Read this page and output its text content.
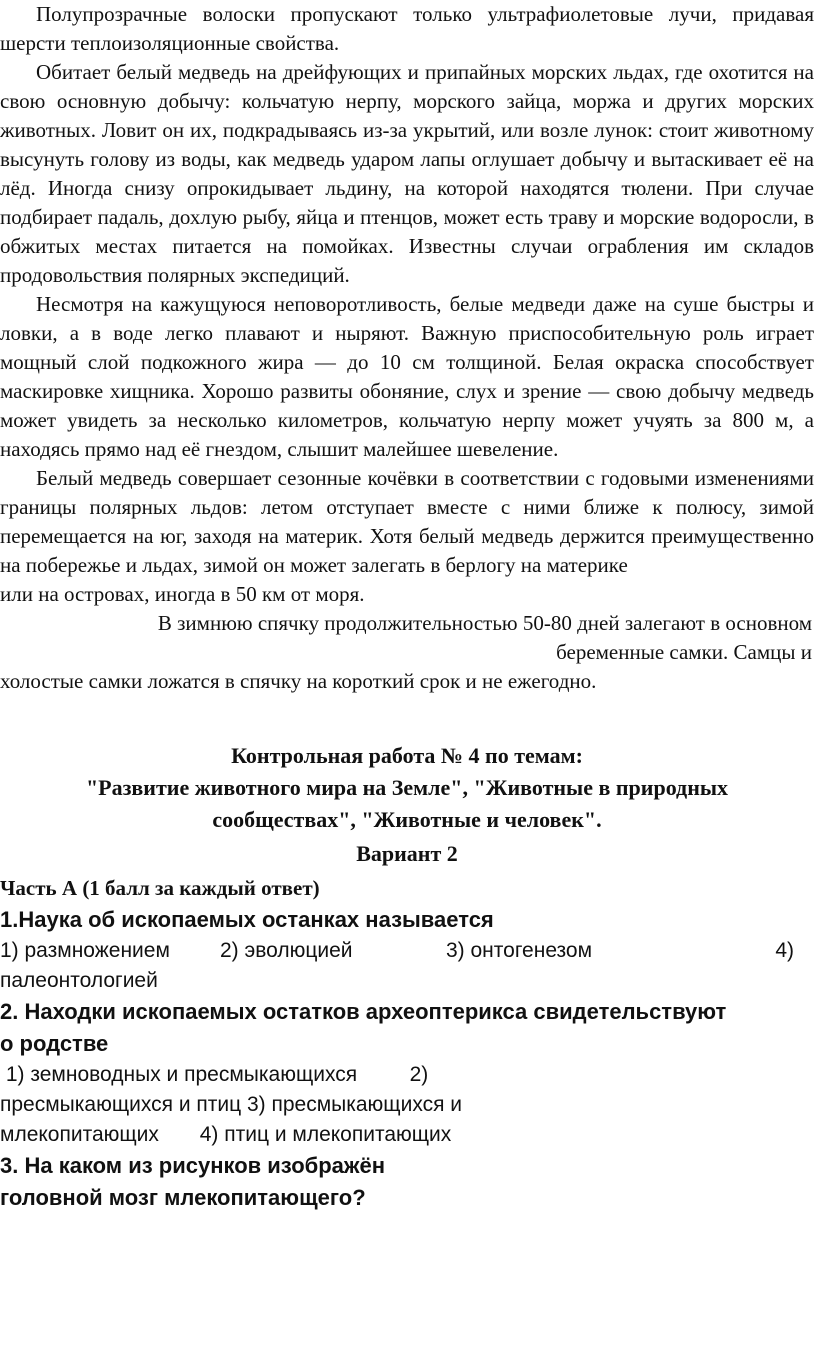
Полупрозрачные волоски пропускают только ультрафиолетовые лучи, придавая шерсти теплоизоляционные свойства.

Обитает белый медведь на дрейфующих и припайных морских льдах, где охотится на свою основную добычу: кольчатую нерпу, морского зайца, моржа и других морских животных. Ловит он их, подкрадываясь из-за укрытий, или возле лунок: стоит животному высунуть голову из воды, как медведь ударом лапы оглушает добычу и вытаскивает её на лёд. Иногда снизу опрокидывает льдину, на которой находятся тюлени. При случае подбирает падаль, дохлую рыбу, яйца и птенцов, может есть траву и морские водоросли, в обжитых местах питается на помойках. Известны случаи ограбления им складов продовольствия полярных экспедиций.

Несмотря на кажущуюся неповоротливость, белые медведи даже на суше быстры и ловки, а в воде легко плавают и ныряют. Важную приспособительную роль играет мощный слой подкожного жира — до 10 см толщиной. Белая окраска способствует маскировке хищника. Хорошо развиты обоняние, слух и зрение — свою добычу медведь может увидеть за несколько километров, кольчатую нерпу может учуять за 800 м, а находясь прямо над её гнездом, слышит малейшее шевеление.

Белый медведь совершает сезонные кочёвки в соответствии с годовыми изменениями границы полярных льдов: летом отступает вместе с ними ближе к полюсу, зимой перемещается на юг, заходя на материк. Хотя белый медведь держится преимущественно на побережье и льдах, зимой он может залегать в берлогу на материке

или на островах, иногда в 50 км от моря.
В зимнюю спячку продолжительностью 50-80 дней залегают в основном
беременные самки. Самцы и
холостые самки ложатся в спячку на короткий срок и не ежегодно.
Контрольная работа № 4 по темам:
"Развитие животного мира на Земле", "Животные в природных
сообществах", "Животные и человек".
Вариант 2
Часть А (1 балл за каждый ответ)
1.Наука об ископаемых останках называется
1) размножением	2) эволюцией	3) онтогенезом	4)
палеонтологией
2. Находки ископаемых остатков археоптерикса свидетельствуют
о родстве
1) земноводных и пресмыкающихся         2)
пресмыкающихся и птиц 3) пресмыкающихся и
млекопитающих       4) птиц и млекопитающих
3. На каком из рисунков изображён
головной мозг млекопитающего?
